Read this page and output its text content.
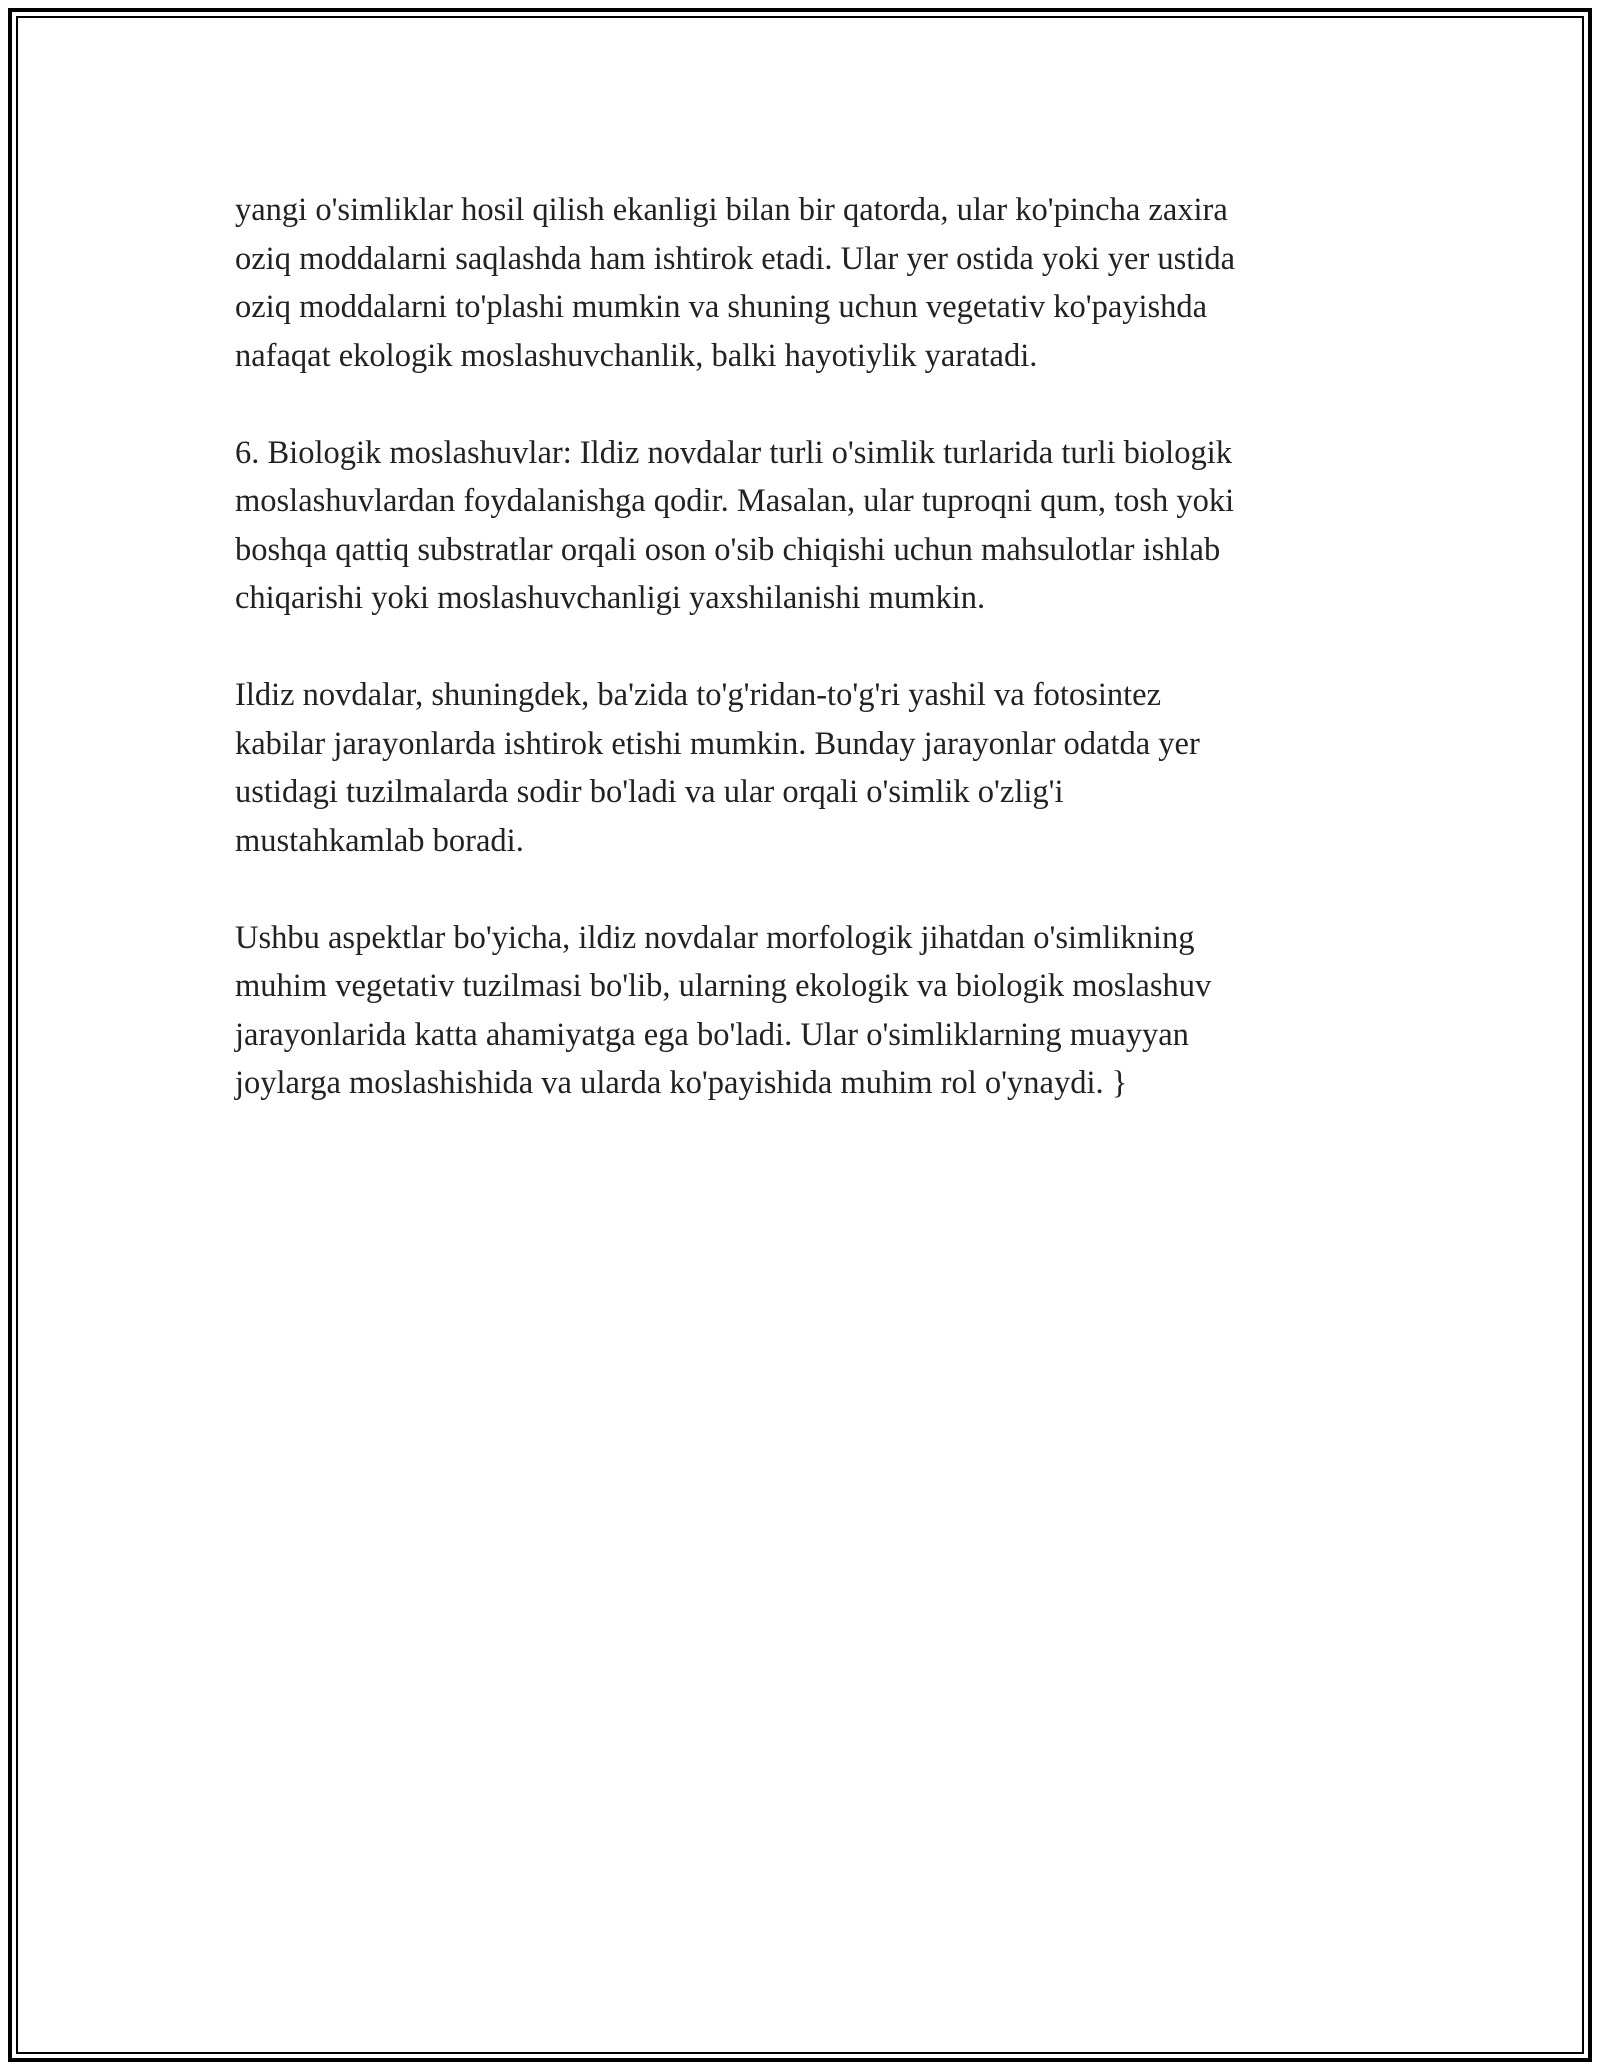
yangi o'simliklar hosil qilish ekanligi bilan bir qatorda, ular ko'pincha zaxira
oziq moddalarni saqlashda ham ishtirok etadi. Ular yer ostida yoki yer ustida
oziq moddalarni to'plashi mumkin va shuning uchun vegetativ ko'payishda
nafaqat ekologik moslashuvchanlik, balki hayotiylik yaratadi.

6. Biologik moslashuvlar: Ildiz novdalar turli o'simlik turlarida turli biologik
moslashuvlardan foydalanishga qodir. Masalan, ular tuproqni qum, tosh yoki
boshqa qattiq substratlar orqali oson o'sib chiqishi uchun mahsulotlar ishlab
chiqarishi yoki moslashuvchanligi yaxshilanishi mumkin.

Ildiz novdalar, shuningdek, ba'zida to'g'ridan-to'g'ri yashil va fotosintez
kabilar jarayonlarda ishtirok etishi mumkin. Bunday jarayonlar odatda yer
ustidagi tuzilmalarda sodir bo'ladi va ular orqali o'simlik o'zlig'i
mustahkamlab boradi.

Ushbu aspektlar bo'yicha, ildiz novdalar morfologik jihatdan o'simlikning
muhim vegetativ tuzilmasi bo'lib, ularning ekologik va biologik moslashuv
jarayonlarida katta ahamiyatga ega bo'ladi. Ular o'simliklarning muayyan
joylarga moslashishida va ularda ko'payishida muhim rol o'ynaydi. }
